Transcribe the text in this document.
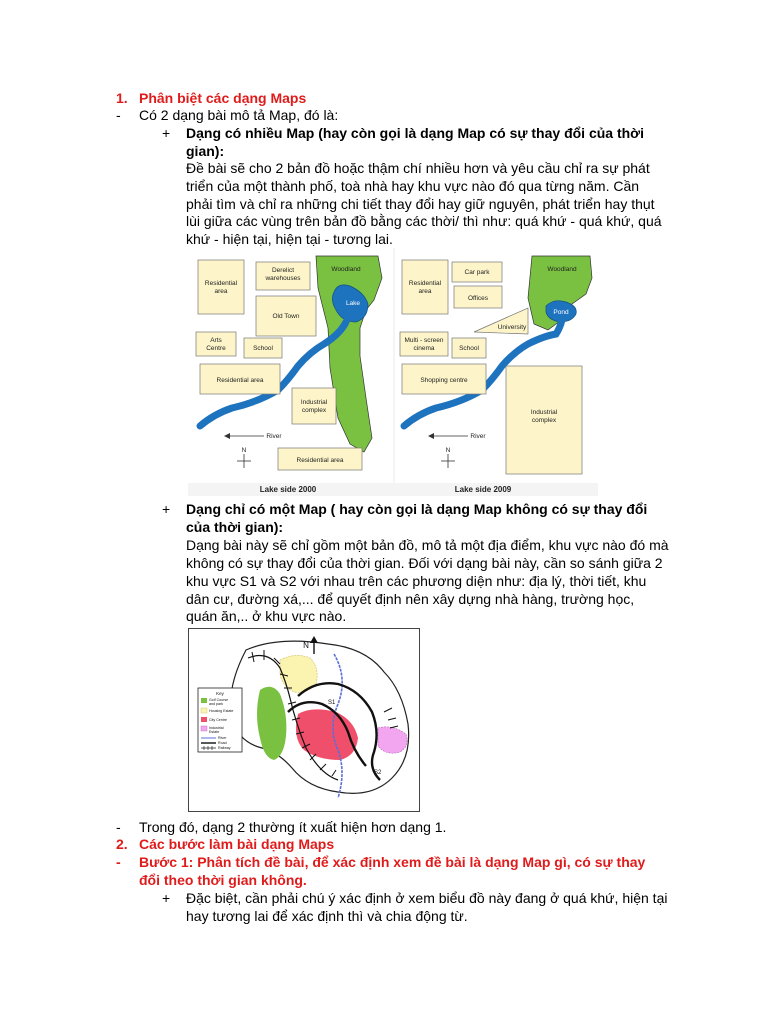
1. Phân biệt các dạng Maps
- Có 2 dạng bài mô tả Map, đó là:
+ Dạng có nhiều Map (hay còn gọi là dạng Map có sự thay đổi của thời
gian):
Đề bài sẽ cho 2 bản đồ hoặc thậm chí nhiều hơn và yêu cầu chỉ ra sự phát
triển của một thành phố, toà nhà hay khu vực nào đó qua từng năm. Cần
phải tìm và chỉ ra những chi tiết thay đổi hay giữ nguyên, phát triển hay thụt
lùi giữa các vùng trên bản đồ bằng các thời/ thì như: quá khứ - quá khứ, quá
khứ - hiện tại, hiện tại - tương lai.
Residential
area
Derelict
warehouses
Woodland
Lake
Old Town
Arts
Centre	School
Residential area
Industrial
complex
River
N
Residential area
Lake side 2000
Car park	Woodland
Residential
area
Offices
Pond
University
Multi - screen
cinema	School
Shopping centre
Industrial
complex
River
N
Lake side 2009
+ Dạng chỉ có một Map ( hay còn gọi là dạng Map không có sự thay đổi
của thời gian):
Dạng bài này sẽ chỉ gồm một bản đồ, mô tả một địa điểm, khu vực nào đó mà
không có sự thay đổi của thời gian. Đối với dạng bài này, cần so sánh giữa 2
khu vực S1 và S2 với nhau trên các phương diện như: địa lý, thời tiết, khu
dân cư, đường xá,... để quyết định nên xây dựng nhà hàng, trường học,
quán ăn,.. ở khu vực nào.
N
S1
S2
Key
Golf Course
and park
Housing Estate
City Centre
Industrial
Estate
River
Road
Railway
- Trong đó, dạng 2 thường ít xuất hiện hơn dạng 1.
2. Các bước làm bài dạng Maps
- Bước 1: Phân tích đề bài, để xác định xem đề bài là dạng Map gì, có sự thay
đổi theo thời gian không.
+ Đặc biệt, cần phải chú ý xác định ở xem biểu đồ này đang ở quá khứ, hiện tại
hay tương lai để xác định thì và chia động từ.
